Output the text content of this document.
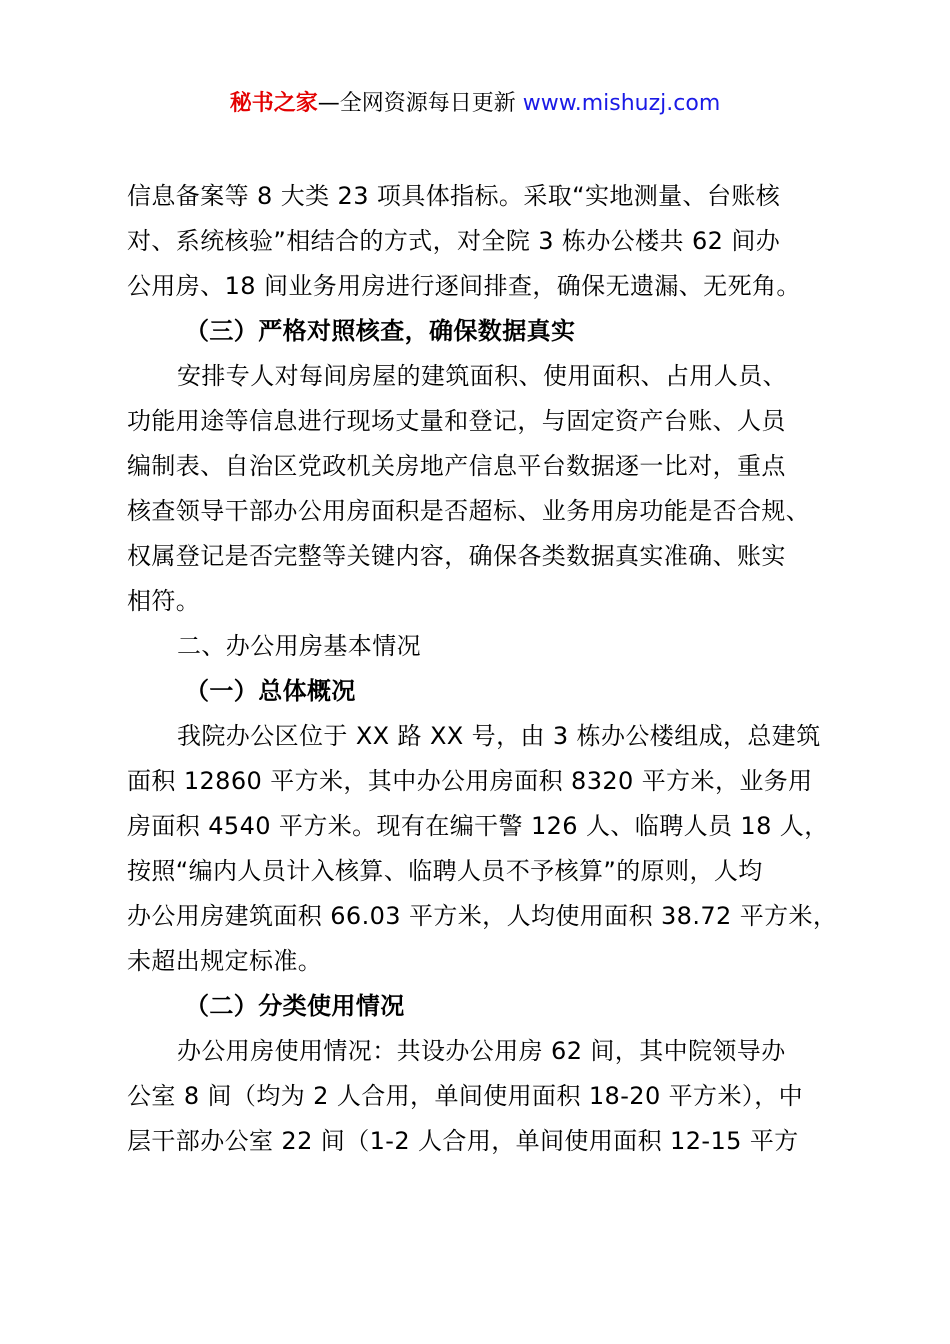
秘书之家—全网资源每日更新 www.mishuzj.com
信息备案等 8 大类 23 项具体指标。采取“实地测量、台账核
对、系统核验”相结合的方式，对全院 3 栋办公楼共 62 间办
公用房、18 间业务用房进行逐间排查，确保无遗漏、无死角。
（三）严格对照核查，确保数据真实
安排专人对每间房屋的建筑面积、使用面积、占用人员、
功能用途等信息进行现场丈量和登记，与固定资产台账、人员
编制表、自治区党政机关房地产信息平台数据逐一比对，重点
核查领导干部办公用房面积是否超标、业务用房功能是否合规、
权属登记是否完整等关键内容，确保各类数据真实准确、账实
相符。
二、办公用房基本情况
（一）总体概况
我院办公区位于 XX 路 XX 号，由 3 栋办公楼组成，总建筑
面积 12860 平方米，其中办公用房面积 8320 平方米，业务用
房面积 4540 平方米。现有在编干警 126 人、临聘人员 18 人，
按照“编内人员计入核算、临聘人员不予核算”的原则，人均
办公用房建筑面积 66.03 平方米，人均使用面积 38.72 平方米，
未超出规定标准。
（二）分类使用情况
办公用房使用情况：共设办公用房 62 间，其中院领导办
公室 8 间（均为 2 人合用，单间使用面积 18-20 平方米），中
层干部办公室 22 间（1-2 人合用，单间使用面积 12-15 平方
